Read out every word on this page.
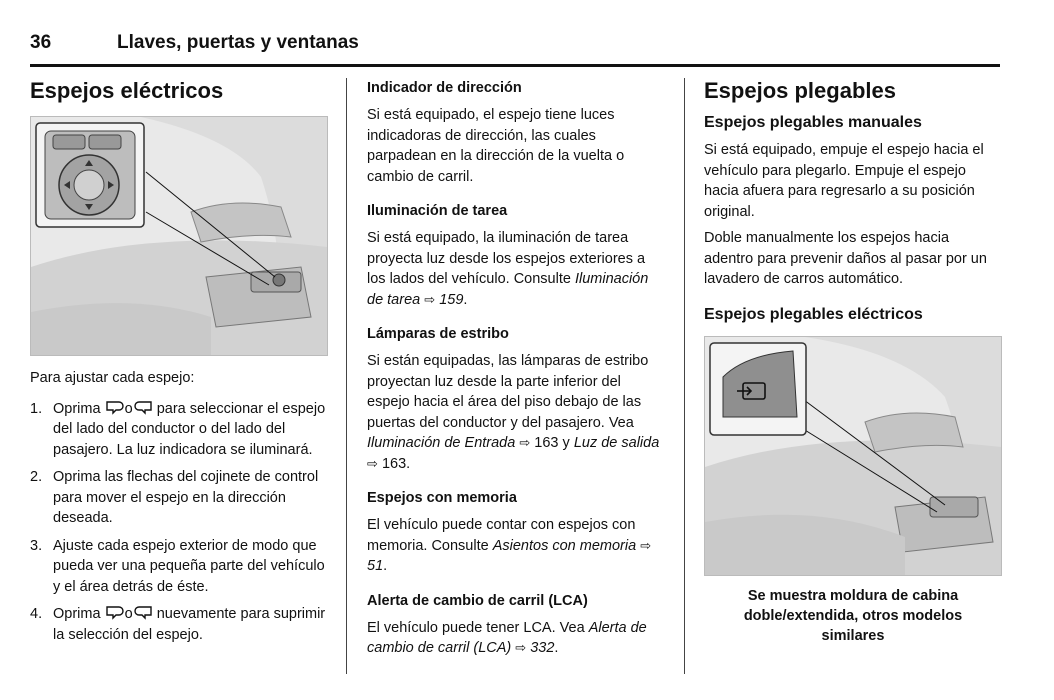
36	Llaves, puertas y ventanas
Espejos eléctricos

Para ajustar cada espejo:

1. Oprima o para seleccionar el espejo del lado del conductor o del lado del pasajero. La luz indicadora se iluminará.
2. Oprima las flechas del cojinete de control para mover el espejo en la dirección deseada.
3. Ajuste cada espejo exterior de modo que pueda ver una pequeña parte del vehículo y el área detrás de éste.
4. Oprima o nuevamente para suprimir la selección del espejo.
Indicador de dirección

Si está equipado, el espejo tiene luces indicadoras de dirección, las cuales parpadean en la dirección de la vuelta o cambio de carril.

Iluminación de tarea

Si está equipado, la iluminación de tarea proyecta luz desde los espejos exteriores a los lados del vehículo. Consulte Iluminación de tarea ⇨ 159.

Lámparas de estribo

Si están equipadas, las lámparas de estribo proyectan luz desde la parte inferior del espejo hacia el área del piso debajo de las puertas del conductor y del pasajero. Vea Iluminación de Entrada ⇨ 163 y Luz de salida ⇨ 163.

Espejos con memoria

El vehículo puede contar con espejos con memoria. Consulte Asientos con memoria ⇨ 51.

Alerta de cambio de carril (LCA)

El vehículo puede tener LCA. Vea Alerta de cambio de carril (LCA) ⇨ 332.

Espejos plegables
Espejos plegables manuales

Si está equipado, empuje el espejo hacia el vehículo para plegarlo. Empuje el espejo hacia afuera para regresarlo a su posición original.

Doble manualmente los espejos hacia adentro para prevenir daños al pasar por un lavadero de carros automático.

Espejos plegables eléctricos

Se muestra moldura de cabina doble/extendida, otros modelos similares
